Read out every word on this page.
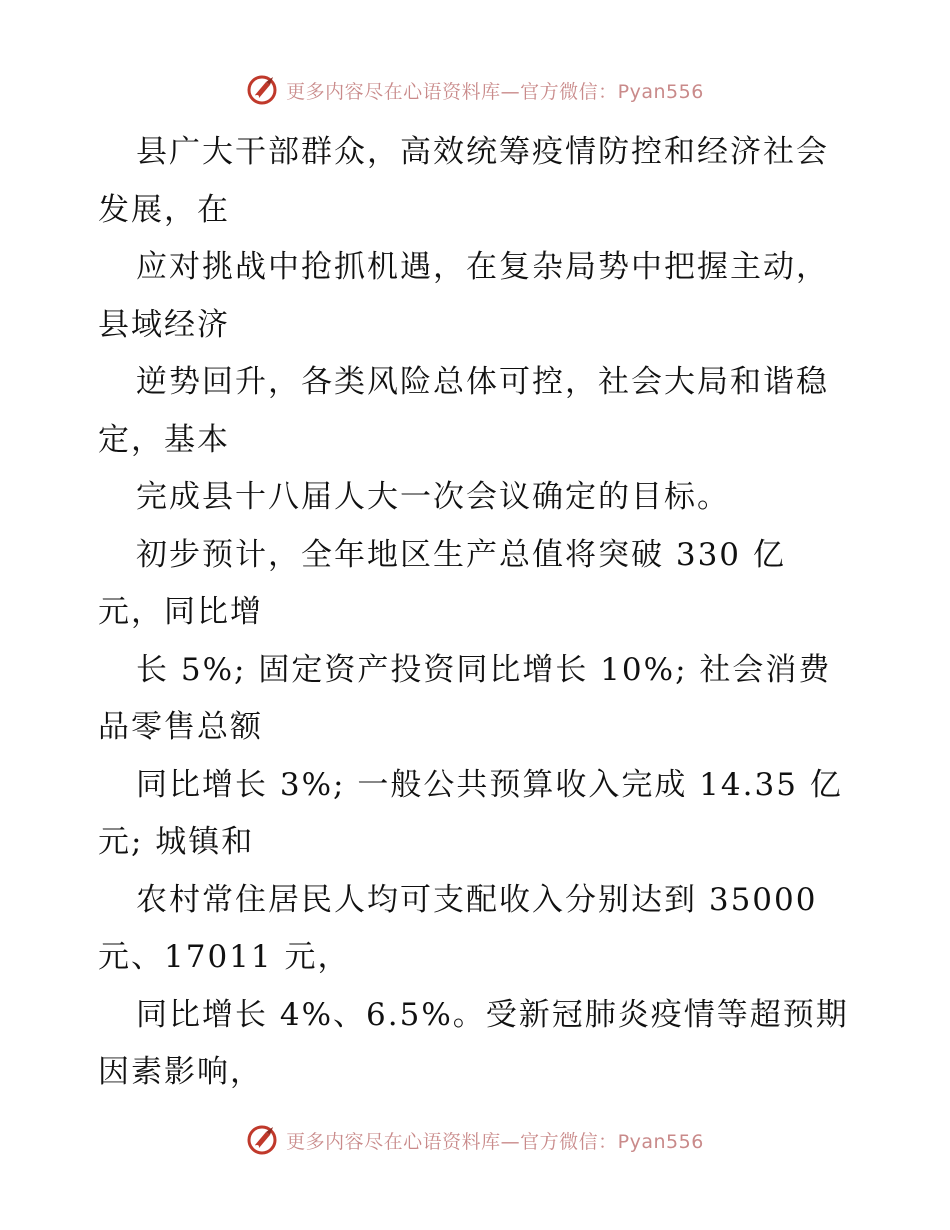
更多内容尽在心语资料库—官方微信：Pyan556
县广大干部群众，高效统筹疫情防控和经济社会
发展，在
应对挑战中抢抓机遇，在复杂局势中把握主动，
县域经济
逆势回升，各类风险总体可控，社会大局和谐稳
定，基本
完成县十八届人大一次会议确定的目标。
初步预计，全年地区生产总值将突破 330 亿
元，同比增
长 5%; 固定资产投资同比增长 10%; 社会消费
品零售总额
同比增长 3%; 一般公共预算收入完成 14.35 亿
元; 城镇和
农村常住居民人均可支配收入分别达到 35000
元、17011 元，
同比增长 4%、6.5%。受新冠肺炎疫情等超预期
因素影响，
更多内容尽在心语资料库—官方微信：Pyan556
